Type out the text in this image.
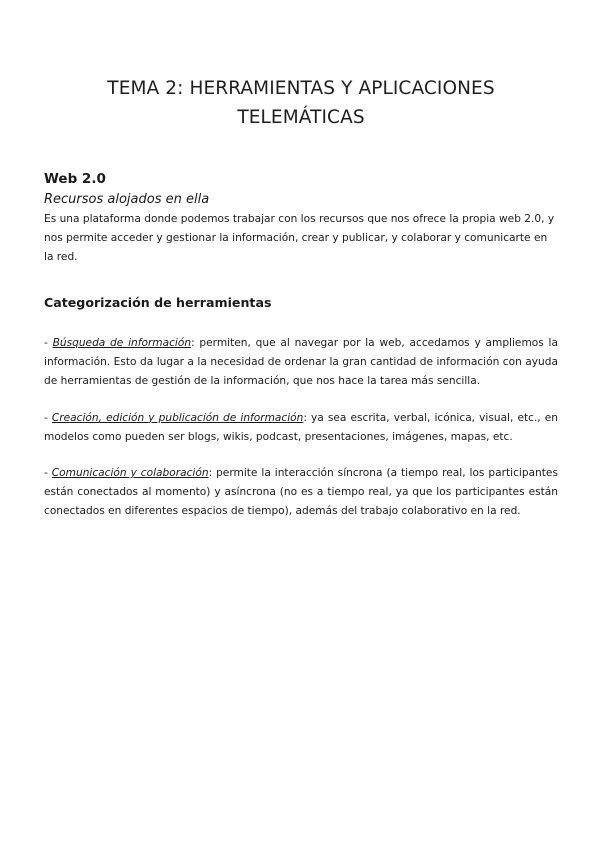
TEMA 2: HERRAMIENTAS Y APLICACIONES
TELEMÁTICAS
Web 2.0
Recursos alojados en ella
Es una plataforma donde podemos trabajar con los recursos que nos ofrece la propia web 2.0, y nos permite acceder y gestionar la información, crear y publicar, y colaborar y comunicarte en la red.
Categorización de herramientas
- Búsqueda de información: permiten, que al navegar por la web, accedamos y ampliemos la información. Esto da lugar a la necesidad de ordenar la gran cantidad de información con ayuda de herramientas de gestión de la información, que nos hace la tarea más sencilla.
- Creación, edición y publicación de información: ya sea escrita, verbal, icónica, visual, etc., en modelos como pueden ser blogs, wikis, podcast, presentaciones, imágenes, mapas, etc.
- Comunicación y colaboración: permite la interacción síncrona (a tiempo real, los participantes están conectados al momento) y asíncrona (no es a tiempo real, ya que los participantes están conectados en diferentes espacios de tiempo), además del trabajo colaborativo en la red.
